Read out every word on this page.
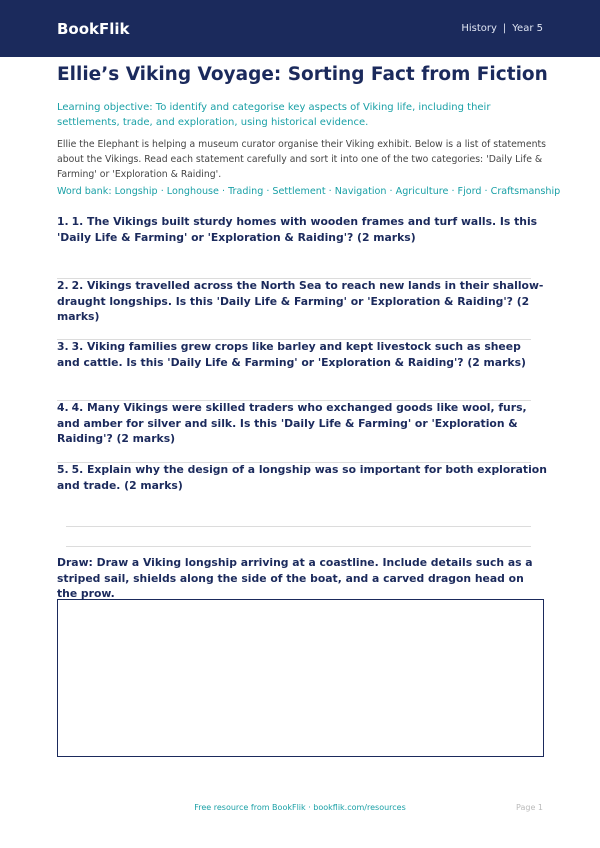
BookFlik	History | Year 5
Ellie’s Viking Voyage: Sorting Fact from Fiction
Learning objective: To identify and categorise key aspects of Viking life, including their settlements, trade, and exploration, using historical evidence.
Ellie the Elephant is helping a museum curator organise their Viking exhibit. Below is a list of statements about the Vikings. Read each statement carefully and sort it into one of the two categories: 'Daily Life & Farming' or 'Exploration & Raiding'.
Word bank: Longship · Longhouse · Trading · Settlement · Navigation · Agriculture · Fjord · Craftsmanship
1. 1. The Vikings built sturdy homes with wooden frames and turf walls. Is this 'Daily Life & Farming' or 'Exploration & Raiding'? (2 marks)
2. 2. Vikings travelled across the North Sea to reach new lands in their shallow-draught longships. Is this 'Daily Life & Farming' or 'Exploration & Raiding'? (2 marks)
3. 3. Viking families grew crops like barley and kept livestock such as sheep and cattle. Is this 'Daily Life & Farming' or 'Exploration & Raiding'? (2 marks)
4. 4. Many Vikings were skilled traders who exchanged goods like wool, furs, and amber for silver and silk. Is this 'Daily Life & Farming' or 'Exploration & Raiding'? (2 marks)
5. 5. Explain why the design of a longship was so important for both exploration and trade. (2 marks)
Draw: Draw a Viking longship arriving at a coastline. Include details such as a striped sail, shields along the side of the boat, and a carved dragon head on the prow.
Free resource from BookFlik · bookflik.com/resources	Page 1
